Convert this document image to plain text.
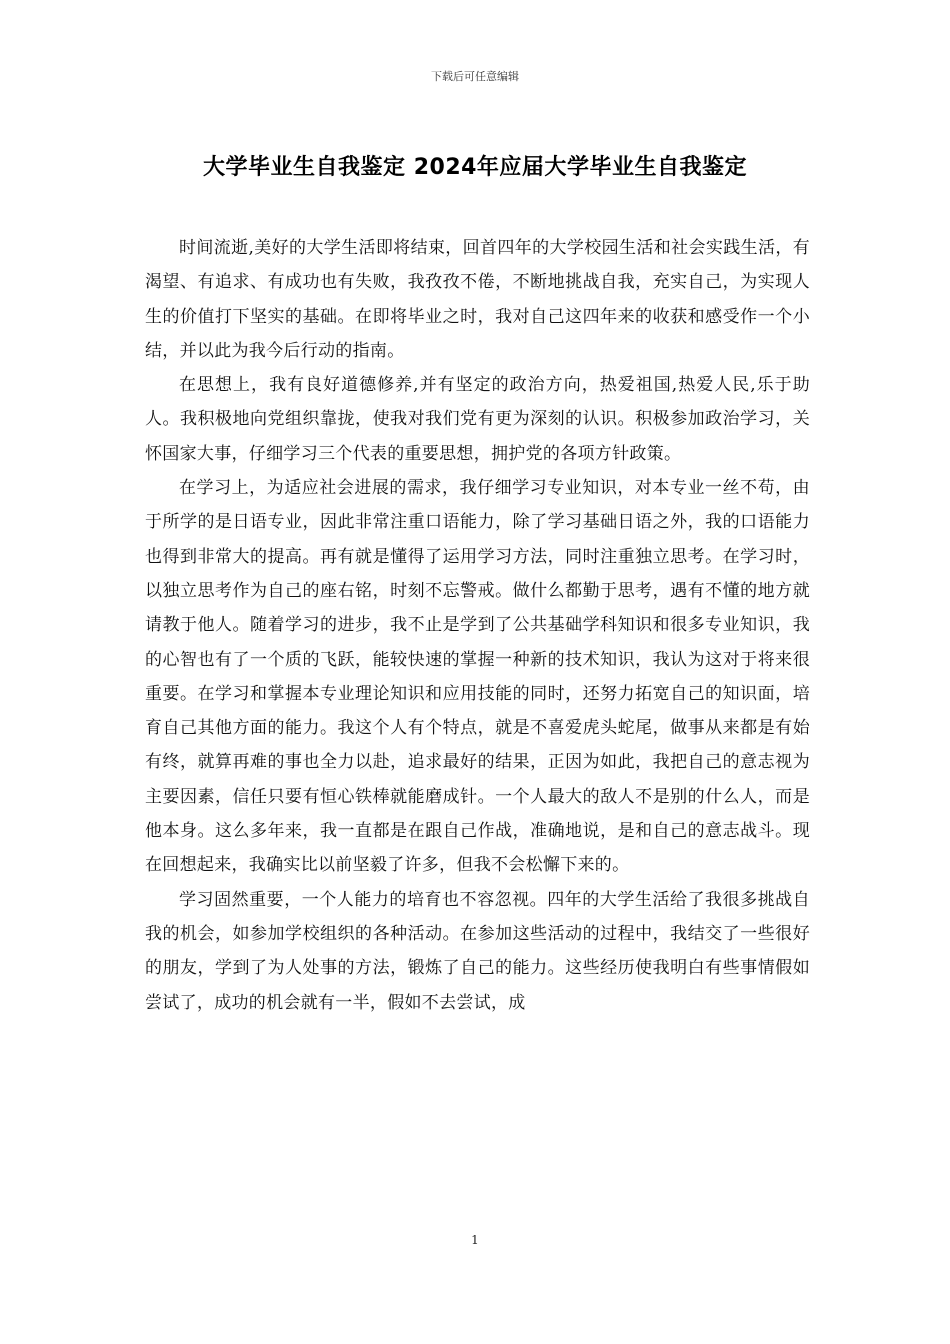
下载后可任意编辑
大学毕业生自我鉴定 2024年应届大学毕业生自我鉴定

时间流逝,美好的大学生活即将结束，回首四年的大学校园生活和社会实践生活，有渴望、有追求、有成功也有失败，我孜孜不倦，不断地挑战自我，充实自己，为实现人生的价值打下坚实的基础。在即将毕业之时，我对自己这四年来的收获和感受作一个小结，并以此为我今后行动的指南。

在思想上，我有良好道德修养,并有坚定的政治方向，热爱祖国,热爱人民,乐于助人。我积极地向党组织靠拢，使我对我们党有更为深刻的认识。积极参加政治学习，关怀国家大事，仔细学习三个代表的重要思想，拥护党的各项方针政策。

在学习上，为适应社会进展的需求，我仔细学习专业知识，对本专业一丝不苟，由于所学的是日语专业，因此非常注重口语能力，除了学习基础日语之外，我的口语能力也得到非常大的提高。再有就是懂得了运用学习方法，同时注重独立思考。在学习时，以独立思考作为自己的座右铭，时刻不忘警戒。做什么都勤于思考，遇有不懂的地方就请教于他人。随着学习的进步，我不止是学到了公共基础学科知识和很多专业知识，我的心智也有了一个质的飞跃，能较快速的掌握一种新的技术知识，我认为这对于将来很重要。在学习和掌握本专业理论知识和应用技能的同时，还努力拓宽自己的知识面，培育自己其他方面的能力。我这个人有个特点，就是不喜爱虎头蛇尾，做事从来都是有始有终，就算再难的事也全力以赴，追求最好的结果，正因为如此，我把自己的意志视为主要因素，信任只要有恒心铁棒就能磨成针。一个人最大的敌人不是别的什么人，而是他本身。这么多年来，我一直都是在跟自己作战，准确地说，是和自己的意志战斗。现在回想起来，我确实比以前坚毅了许多，但我不会松懈下来的。

学习固然重要，一个人能力的培育也不容忽视。四年的大学生活给了我很多挑战自我的机会，如参加学校组织的各种活动。在参加这些活动的过程中，我结交了一些很好的朋友，学到了为人处事的方法，锻炼了自己的能力。这些经历使我明白有些事情假如尝试了，成功的机会就有一半，假如不去尝试，成

1
